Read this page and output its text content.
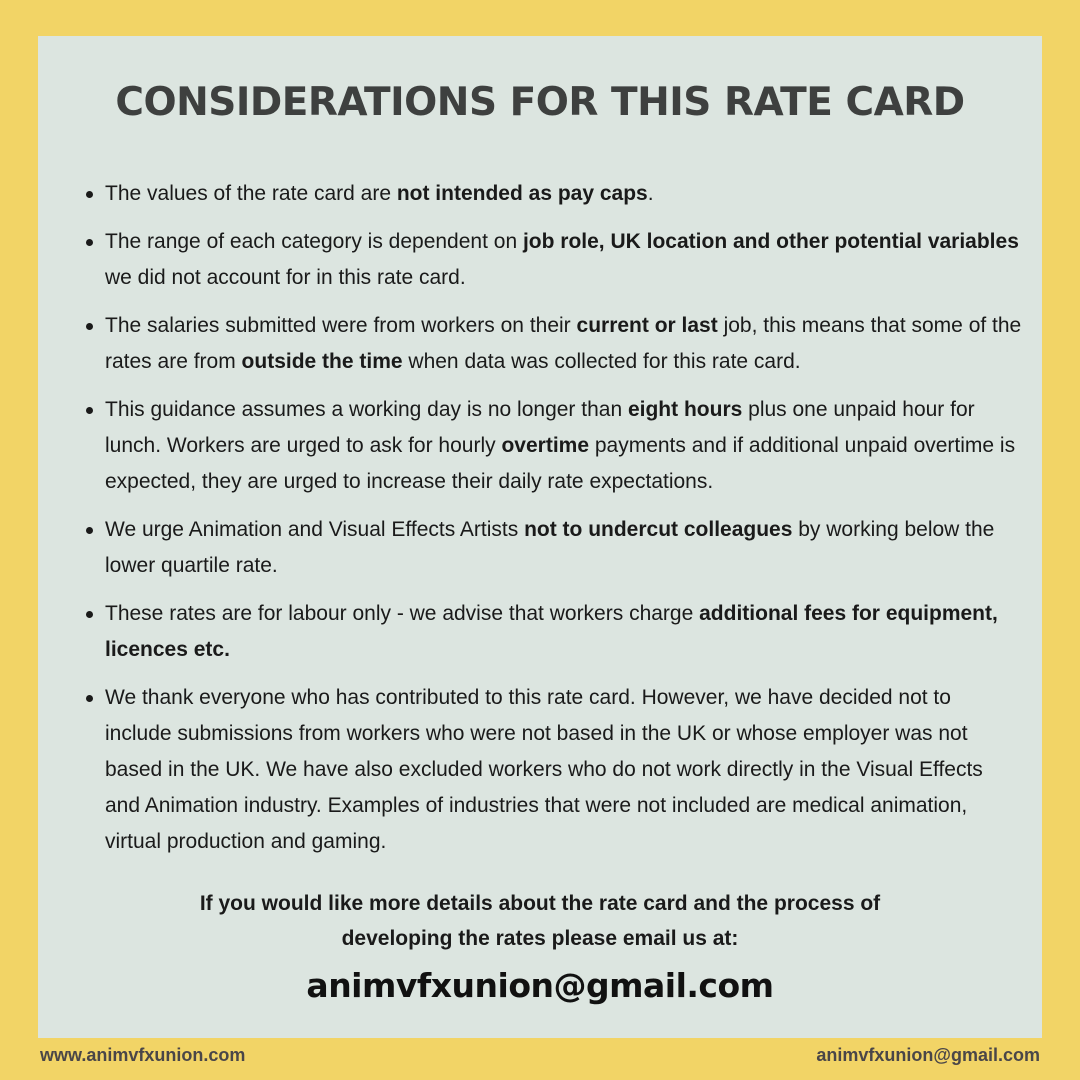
CONSIDERATIONS FOR THIS RATE CARD
The values of the rate card are not intended as pay caps.
The range of each category is dependent on job role, UK location and other potential variables we did not account for in this rate card.
The salaries submitted were from workers on their current or last job, this means that some of the rates are from outside the time when data was collected for this rate card.
This guidance assumes a working day is no longer than eight hours plus one unpaid hour for lunch. Workers are urged to ask for hourly overtime payments and if additional unpaid overtime is expected, they are urged to increase their daily rate expectations.
We urge Animation and Visual Effects Artists not to undercut colleagues by working below the lower quartile rate.
These rates are for labour only - we advise that workers charge additional fees for equipment, licences etc.
We thank everyone who has contributed to this rate card. However, we have decided not to include submissions from workers who were not based in the UK or whose employer was not based in the UK. We have also excluded workers who do not work directly in the Visual Effects and Animation industry. Examples of industries that were not included are medical animation, virtual production and gaming.
If you would like more details about the rate card and the process of
developing the rates please email us at:
animvfxunion@gmail.com
www.animvfxunion.com	animvfxunion@gmail.com
